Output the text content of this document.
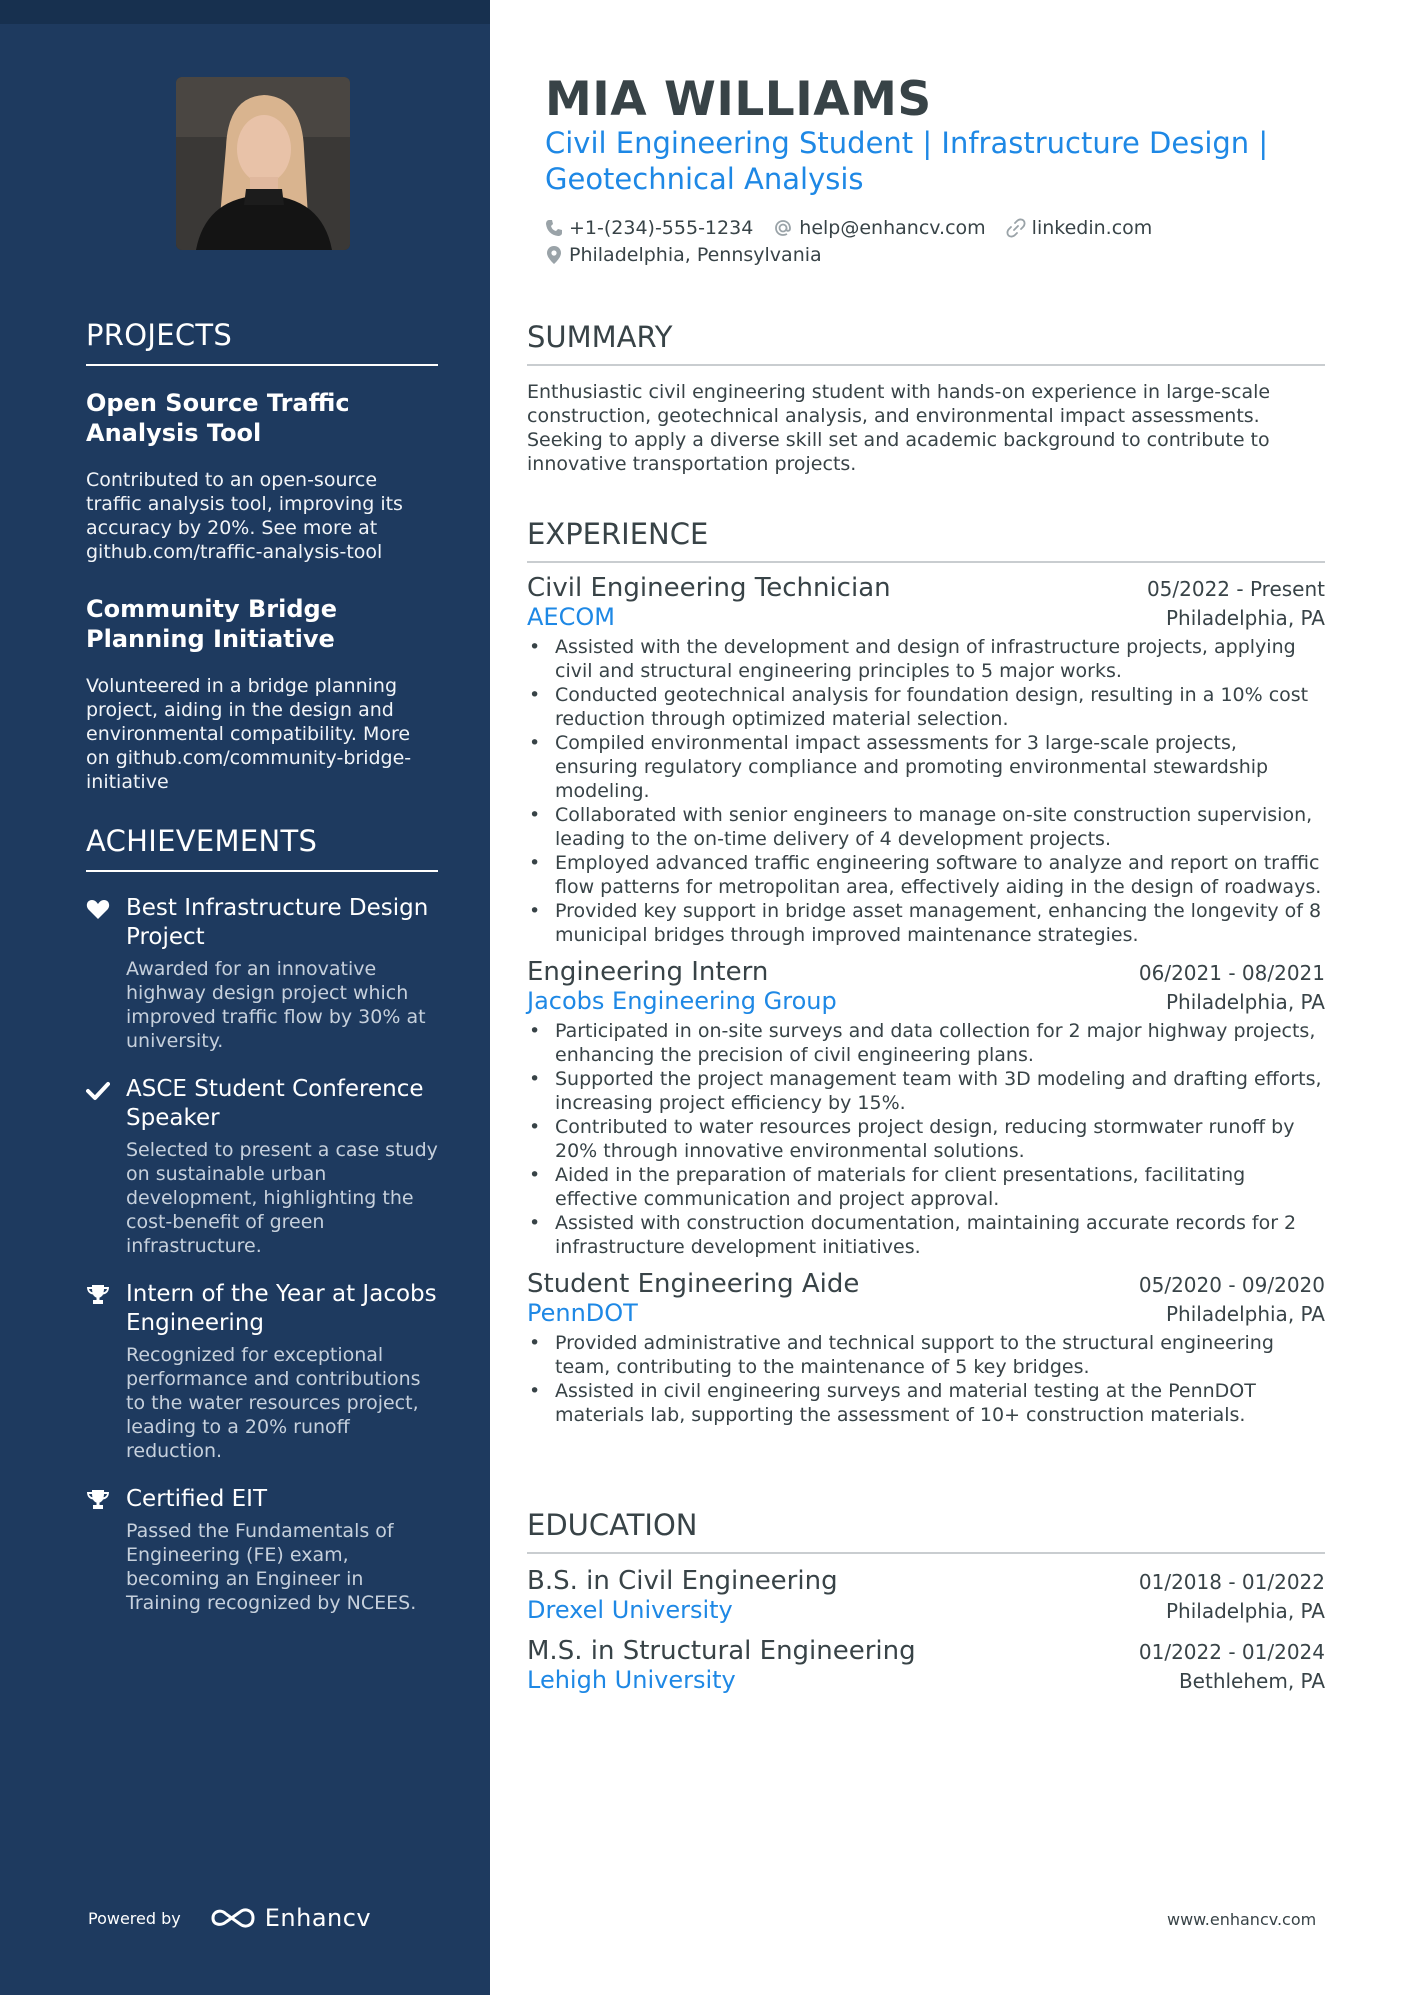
PROJECTS
Open Source Traffic Analysis Tool
Contributed to an open-source traffic analysis tool, improving its accuracy by 20%. See more at github.com/traffic-analysis-tool
Community Bridge Planning Initiative
Volunteered in a bridge planning project, aiding in the design and environmental compatibility. More on github.com/community-bridge-initiative
ACHIEVEMENTS
Best Infrastructure Design Project
Awarded for an innovative highway design project which improved traffic flow by 30% at university.
ASCE Student Conference Speaker
Selected to present a case study on sustainable urban development, highlighting the cost-benefit of green infrastructure.
Intern of the Year at Jacobs Engineering
Recognized for exceptional performance and contributions to the water resources project, leading to a 20% runoff reduction.
Certified EIT
Passed the Fundamentals of Engineering (FE) exam, becoming an Engineer in Training recognized by NCEES.
Powered by	Enhancv
MIA WILLIAMS
Civil Engineering Student | Infrastructure Design | Geotechnical Analysis
+1-(234)-555-1234 help@enhancv.com linkedin.com
Philadelphia, Pennsylvania
SUMMARY
Enthusiastic civil engineering student with hands-on experience in large-scale construction, geotechnical analysis, and environmental impact assessments. Seeking to apply a diverse skill set and academic background to contribute to innovative transportation projects.
EXPERIENCE
Civil Engineering Technician	05/2022 - Present
AECOM	Philadelphia, PA
• Assisted with the development and design of infrastructure projects, applying civil and structural engineering principles to 5 major works.
• Conducted geotechnical analysis for foundation design, resulting in a 10% cost reduction through optimized material selection.
• Compiled environmental impact assessments for 3 large-scale projects, ensuring regulatory compliance and promoting environmental stewardship modeling.
• Collaborated with senior engineers to manage on-site construction supervision, leading to the on-time delivery of 4 development projects.
• Employed advanced traffic engineering software to analyze and report on traffic flow patterns for metropolitan area, effectively aiding in the design of roadways.
• Provided key support in bridge asset management, enhancing the longevity of 8 municipal bridges through improved maintenance strategies.
Engineering Intern	06/2021 - 08/2021
Jacobs Engineering Group	Philadelphia, PA
• Participated in on-site surveys and data collection for 2 major highway projects, enhancing the precision of civil engineering plans.
• Supported the project management team with 3D modeling and drafting efforts, increasing project efficiency by 15%.
• Contributed to water resources project design, reducing stormwater runoff by 20% through innovative environmental solutions.
• Aided in the preparation of materials for client presentations, facilitating effective communication and project approval.
• Assisted with construction documentation, maintaining accurate records for 2 infrastructure development initiatives.
Student Engineering Aide	05/2020 - 09/2020
PennDOT	Philadelphia, PA
• Provided administrative and technical support to the structural engineering team, contributing to the maintenance of 5 key bridges.
• Assisted in civil engineering surveys and material testing at the PennDOT materials lab, supporting the assessment of 10+ construction materials.
EDUCATION
B.S. in Civil Engineering	01/2018 - 01/2022
Drexel University	Philadelphia, PA
M.S. in Structural Engineering	01/2022 - 01/2024
Lehigh University	Bethlehem, PA
www.enhancv.com
